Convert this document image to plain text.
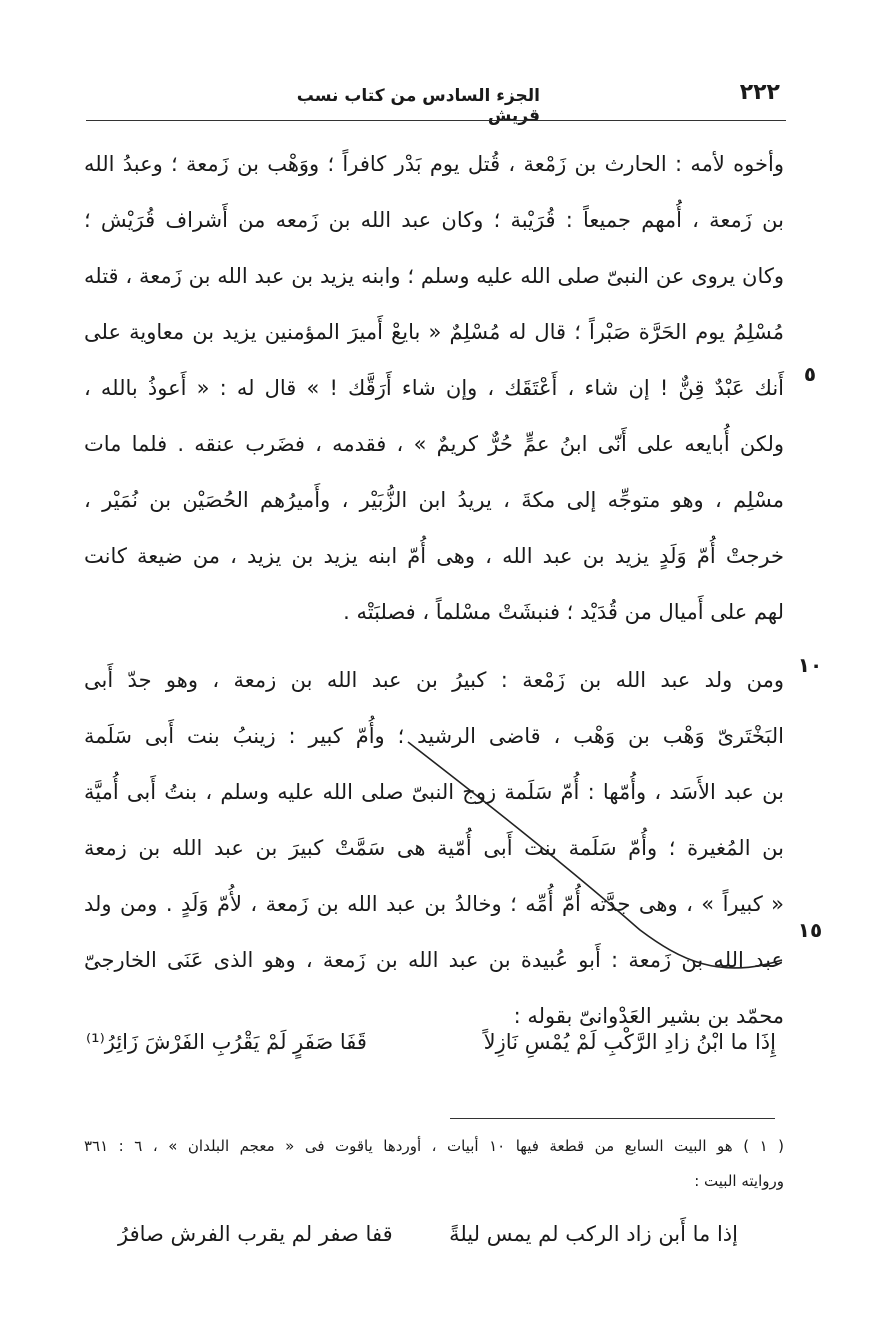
٢٢٢
الجزء السادس من كتاب نسب قريش
وأخوه لأمه : الحارث بن زَمْعة ، قُتل يوم بَدْر كافراً ؛ ووَهْب بن زَمعة ؛ وعبدُ الله
بن زَمعة ، أُمهم جميعاً : قُرَيْبة ؛ وكان عبد الله بن زَمعه من أَشراف قُرَيْش ؛
وكان يروى عن النبىّ صلى الله عليه وسلم ؛ وابنه يزيد بن عبد الله بن زَمعة ، قتله
مُسْلِمُ يوم الحَرَّة صَبْراً ؛ قال له مُسْلِمٌ « بايعْ أَميرَ المؤمنين يزيد بن معاوية على
أَنك عَبْدٌ قِنٌّ ! إن شاء ، أَعْتَقَك ، وإن شاء أَرَقَّك ! » قال له : « أَعوذُ بالله ،
ولكن أُبايعه على أَنّى ابنُ عمٍّ حُرٌّ كريمٌ » ، فقدمه ، فضَرب عنقه . فلما مات
مسْلِم ، وهو متوجِّه إلى مكةَ ، يريدُ ابن الزُّبَيْر ، وأَميرُهم الحُصَيْن بن نُمَيْر ،
خرجتْ أُمّ وَلَدٍ يزيد بن عبد الله ، وهى أُمّ ابنه يزيد بن يزيد ، من ضيعة كانت
لهم على أَميال من قُدَيْد ؛ فنبشَتْ مسْلماً ، فصلبَتْه .
ومن ولد عبد الله بن زَمْعة : كبيرُ بن عبد الله بن زمعة ، وهو جدّ أَبى
البَخْتَرىّ وَهْب بن وَهْب ، قاضى الرشيد ؛ وأُمّ كبير : زينبُ بنت أَبى سَلَمة
بن عبد الأَسَد ، وأُمّها : أُمّ سَلَمة زوج النبىّ صلى الله عليه وسلم ، بنتُ أَبى أُميَّة
بن المُغيرة ؛ وأُمّ سَلَمة بنت أَبى أُمّية هى سَمَّتْ كبيرَ بن عبد الله بن زمعة
« كبيراً » ، وهى جدَّته أُمّ أُمِّه ؛ وخالدُ بن عبد الله بن زَمعة ، لأُمّ وَلَدٍ . ومن ولد
عبد الله بن زَمعة : أَبو عُبيدة بن عبد الله بن زَمعة ، وهو الذى عَنَى الخارجىّ
محمّد بن بشير العَدْوانىّ بقوله :
٥
١٠
١٥
إِذَا ما ابْنُ زادِ الرَّكْبِ لَمْ يُمْسِ نَازِلاً
قَفَا صَفَرٍ لَمْ يَقْرُبِ الفَرْشَ زَائِرُ⁽¹⁾
( ١ ) هو البيت السابع من قطعة فيها ١٠ أبيات ، أوردها ياقوت فى « معجم البلدان » ، ٦ : ٣٦١
وروايته البيت :
إذا ما أَبن زاد الركب لم يمس ليلةً
قفا صفر لم يقرب الفرش صافرُ
